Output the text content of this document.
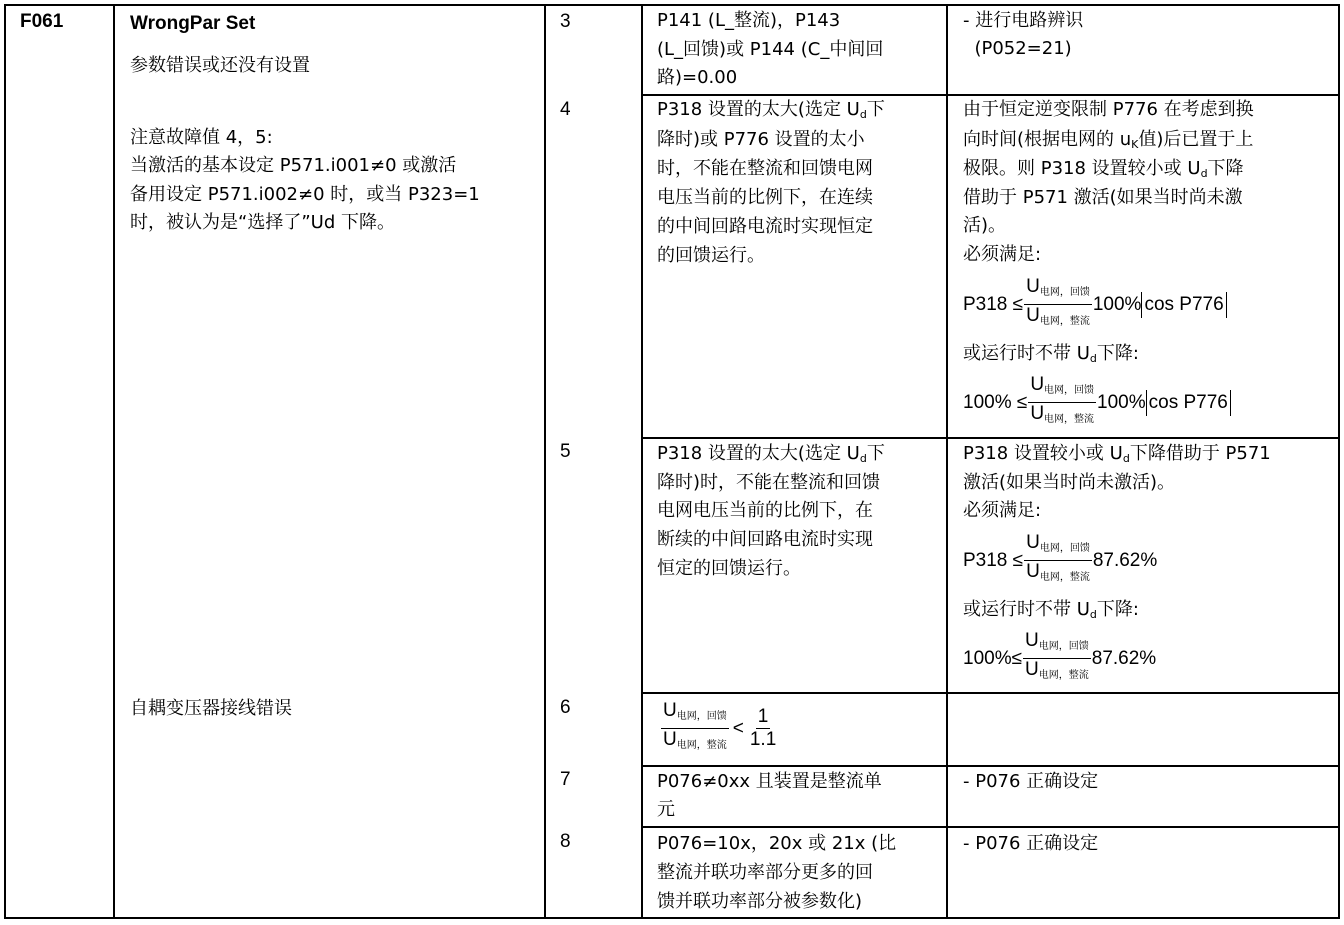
F061	WrongPar Set
参数错误或还没有设置
注意故障值 4，5:
当激活的基本设定 P571.i001≠0 或激活
备用设定 P571.i002≠0 时，或当 P323=1
时，被认为是“选择了”Ud 下降。
自耦变压器接线错误
3
4
5
6
7
8
P141 (L_整流)，P143
(L_回馈)或 P144 (C_中间回
路)=0.00
- 进行电路辨识
(P052=21)
P318 设置的太大(选定 $U_d$下
降时)或 P776 设置的太小
时，不能在整流和回馈电网
电压当前的比例下，在连续
的中间回路电流时实现恒定
的回馈运行。
由于恒定逆变限制 P776 在考虑到换
向时间(根据电网的 $u_K$值)后已置于上
极限。则 P318 设置较小或 $U_d$下降
借助于 P571 激活(如果当时尚未激
活)。
必须满足:
$P318 \le \frac{U_{电网,回馈}}{U_{电网,整流}} 100\%$ cos P776
或运行时不带 $U_d$下降:
$100\% \le \frac{U_{电网,回馈}}{U_{电网,整流}} 100\%$ cos P776
P318 设置的太大(选定 $U_d$下
降时)时，不能在整流和回馈
电网电压当前的比例下，在
断续的中间回路电流时实现
恒定的回馈运行。
P318 设置较小或 $U_d$下降借助于 P571
激活(如果当时尚未激活)。
必须满足:
$P318 \le \frac{U_{电网,回馈}}{U_{电网,整流}} 87.62\%$
或运行时不带 $U_d$下降:
$100\%\le \frac{U_{电网,回馈}}{U_{电网,整流}} 87.62\%$
$\frac{U_{电网,回馈}}{U_{电网,整流}} < \frac{1}{1.1}$
P076≠0xx 且装置是整流单
元
- P076 正确设定
P076=10x，20x 或 21x (比
整流并联功率部分更多的回
馈并联功率部分被参数化)
- P076 正确设定
